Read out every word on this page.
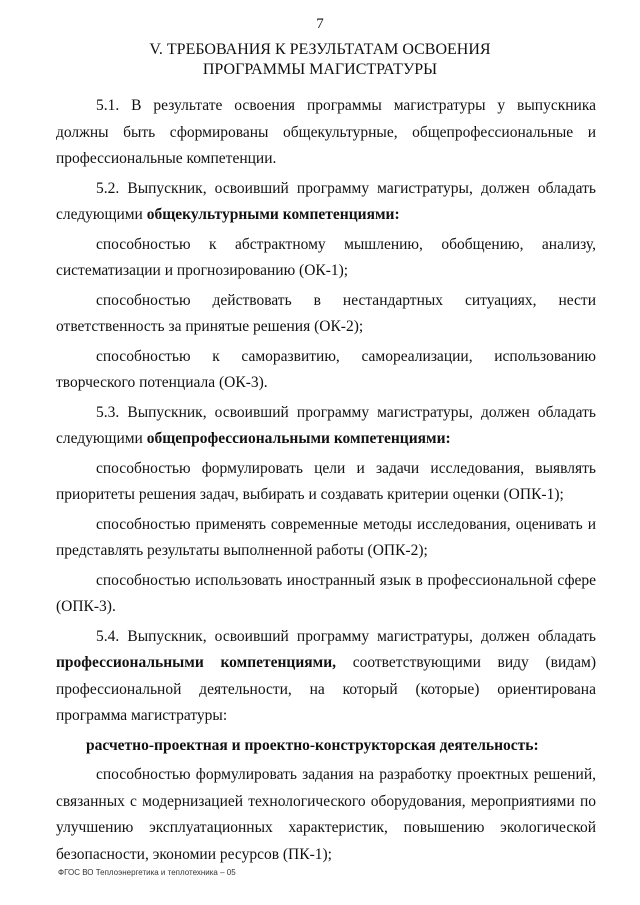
7
V. ТРЕБОВАНИЯ К РЕЗУЛЬТАТАМ ОСВОЕНИЯ
ПРОГРАММЫ МАГИСТРАТУРЫ

5.1. В результате освоения программы магистратуры у выпускника должны быть сформированы общекультурные, общепрофессиональные и профессиональные компетенции.

5.2. Выпускник, освоивший программу магистратуры, должен обладать следующими общекультурными компетенциями:

способностью к абстрактному мышлению, обобщению, анализу, систематизации и прогнозированию (ОК-1);

способностью действовать в нестандартных ситуациях, нести ответственность за принятые решения (ОК-2);

способностью к саморазвитию, самореализации, использованию творческого потенциала (ОК-3).

5.3. Выпускник, освоивший программу магистратуры, должен обладать следующими общепрофессиональными компетенциями:

способностью формулировать цели и задачи исследования, выявлять приоритеты решения задач, выбирать и создавать критерии оценки (ОПК-1);

способностью применять современные методы исследования, оценивать и представлять результаты выполненной работы (ОПК-2);

способностью использовать иностранный язык в профессиональной сфере (ОПК-3).

5.4. Выпускник, освоивший программу магистратуры, должен обладать профессиональными компетенциями, соответствующими виду (видам) профессиональной деятельности, на который (которые) ориентирована программа магистратуры:

расчетно-проектная и проектно-конструкторская деятельность:

способностью формулировать задания на разработку проектных решений, связанных с модернизацией технологического оборудования, мероприятиями по улучшению эксплуатационных характеристик, повышению экологической безопасности, экономии ресурсов (ПК-1);

ФГОС ВО Теплоэнергетика и теплотехника – 05
